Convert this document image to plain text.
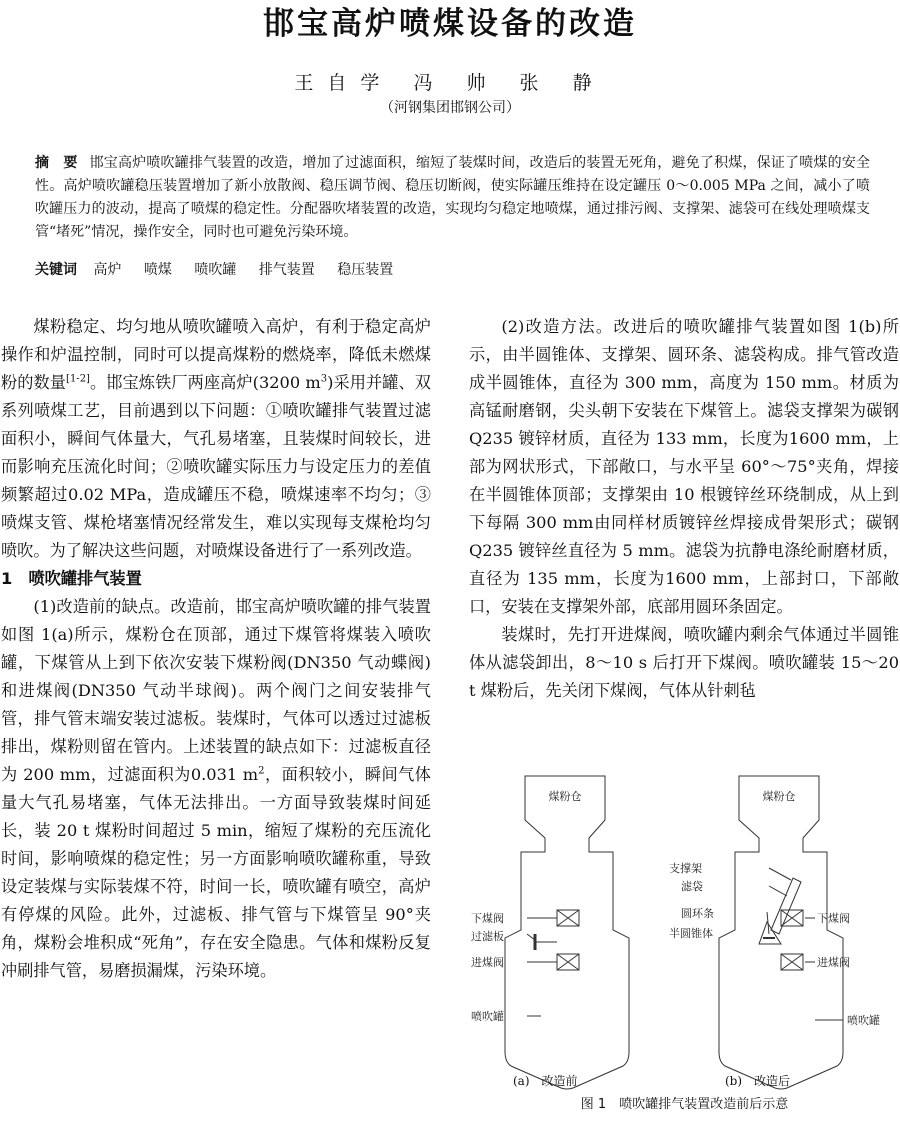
邯宝高炉喷煤设备的改造
王自学 冯 帅 张 静
（河钢集团邯钢公司）

摘　要 邯宝高炉喷吹罐排气装置的改造，增加了过滤面积，缩短了装煤时间，改造后的装置无死角，避免了积煤，保证了喷煤的安全性。高炉喷吹罐稳压装置增加了新小放散阀、稳压调节阀、稳压切断阀，使实际罐压维持在设定罐压 0～0.005 MPa 之间，减小了喷吹罐压力的波动，提高了喷煤的稳定性。分配器吹堵装置的改造，实现均匀稳定地喷煤，通过排污阀、支撑架、滤袋可在线处理喷煤支管“堵死”情况，操作安全，同时也可避免污染环境。

关键词 高炉 喷煤 喷吹罐 排气装置 稳压装置

煤粉稳定、均匀地从喷吹罐喷入高炉，有利于稳定高炉操作和炉温控制，同时可以提高煤粉的燃烧率，降低未燃煤粉的数量[1-2]。邯宝炼铁厂两座高炉(3200 $m^3$)采用并罐、双系列喷煤工艺，目前遇到以下问题：①喷吹罐排气装置过滤面积小，瞬间气体量大，气孔易堵塞，且装煤时间较长，进而影响充压流化时间；②喷吹罐实际压力与设定压力的差值频繁超过0.02 MPa，造成罐压不稳，喷煤速率不均匀；③喷煤支管、煤枪堵塞情况经常发生，难以实现每支煤枪均匀喷吹。为了解决这些问题，对喷煤设备进行了一系列改造。

1　喷吹罐排气装置

(1)改造前的缺点。改造前，邯宝高炉喷吹罐的排气装置如图 1(a)所示，煤粉仓在顶部，通过下煤管将煤装入喷吹罐，下煤管从上到下依次安装下煤粉阀(DN350 气动蝶阀)和进煤阀(DN350 气动半球阀)。两个阀门之间安装排气管，排气管末端安装过滤板。装煤时，气体可以透过过滤板排出，煤粉则留在管内。上述装置的缺点如下：过滤板直径为 200 mm，过滤面积为0.031 $m^2$，面积较小，瞬间气体量大气孔易堵塞，气体无法排出。一方面导致装煤时间延长，装 20 t 煤粉时间超过 5 min，缩短了煤粉的充压流化时间，影响喷煤的稳定性；另一方面影响喷吹罐称重，导致设定装煤与实际装煤不符，时间一长，喷吹罐有喷空，高炉有停煤的风险。此外，过滤板、排气管与下煤管呈 90°夹角，煤粉会堆积成“死角”，存在安全隐患。气体和煤粉反复冲刷排气管，易磨损漏煤，污染环境。

(2)改造方法。改进后的喷吹罐排气装置如图 1(b)所示，由半圆锥体、支撑架、圆环条、滤袋构成。排气管改造成半圆锥体，直径为 300 mm，高度为 150 mm。材质为高锰耐磨钢，尖头朝下安装在下煤管上。滤袋支撑架为碳钢 Q235 镀锌材质，直径为 133 mm，长度为1600 mm，上部为网状形式，下部敞口，与水平呈 60°～75°夹角，焊接在半圆锥体顶部；支撑架由 10 根镀锌丝环绕制成，从上到下每隔 300 mm由同样材质镀锌丝焊接成骨架形式；碳钢 Q235 镀锌丝直径为 5 mm。滤袋为抗静电涤纶耐磨材质，直径为 135 mm，长度为1600 mm，上部封口，下部敞口，安装在支撑架外部，底部用圆环条固定。

装煤时，先打开进煤阀，喷吹罐内剩余气体通过半圆锥体从滤袋卸出，8～10 s 后打开下煤阀。喷吹罐装 15～20 t 煤粉后，先关闭下煤阀，气体从针刺毡

煤粉仓	煤粉仓
下煤阀
过滤板
进煤阀
喷吹罐
支撑架
滤袋
下煤阀
圆环条
半圆锥体
进煤阀
喷吹罐
(a)　改造前	(b)　改造后
图 1　喷吹罐排气装置改造前后示意
